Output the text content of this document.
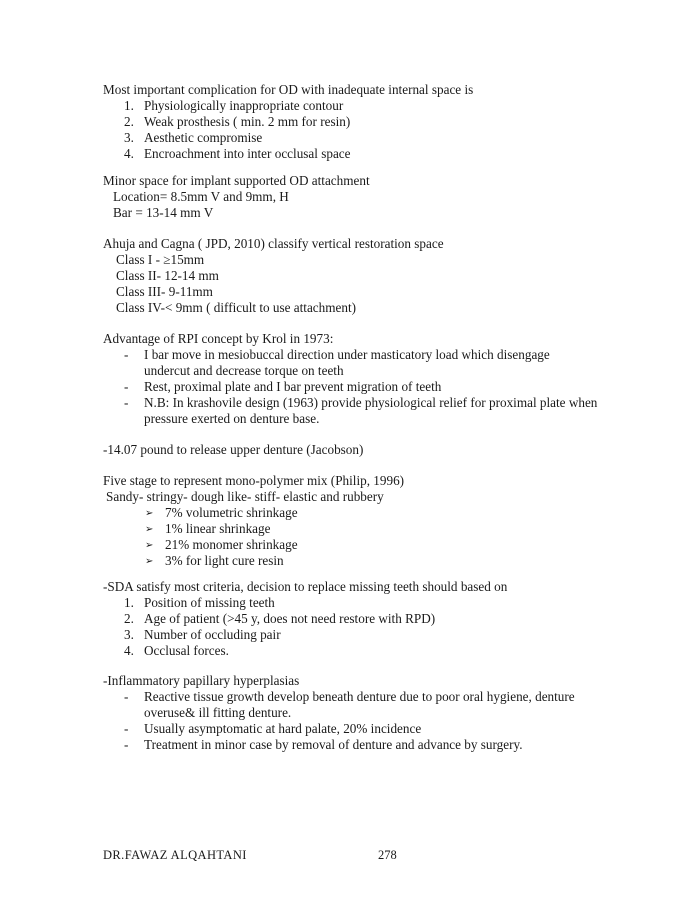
Most important complication for OD with inadequate internal space is
1. Physiologically inappropriate contour
2. Weak prosthesis ( min. 2 mm for resin)
3. Aesthetic compromise
4. Encroachment into inter occlusal space
Minor space for implant supported OD attachment
Location= 8.5mm V and 9mm, H
Bar = 13-14 mm V
Ahuja and Cagna ( JPD, 2010) classify vertical restoration space
Class I - ≥15mm
Class II- 12-14 mm
Class III- 9-11mm
Class IV-< 9mm ( difficult to use attachment)
Advantage of RPI concept by Krol in 1973:
- I bar move in mesiobuccal direction under masticatory load which disengage
undercut and decrease torque on teeth
- Rest, proximal plate and I bar prevent migration of teeth
- N.B: In krashovile design (1963) provide physiological relief for proximal plate when
pressure exerted on denture base.
-14.07 pound to release upper denture (Jacobson)
Five stage to represent mono-polymer mix (Philip, 1996)
Sandy- stringy- dough like- stiff- elastic and rubbery
➢ 7% volumetric shrinkage
➢ 1% linear shrinkage
➢ 21% monomer shrinkage
➢ 3% for light cure resin
-SDA satisfy most criteria, decision to replace missing teeth should based on
1. Position of missing teeth
2. Age of patient (>45 y, does not need restore with RPD)
3. Number of occluding pair
4. Occlusal forces.
-Inflammatory papillary hyperplasias
- Reactive tissue growth develop beneath denture due to poor oral hygiene, denture
overuse& ill fitting denture.
- Usually asymptomatic at hard palate, 20% incidence
- Treatment in minor case by removal of denture and advance by surgery.
DR.FAWAZ ALQAHTANI	278
